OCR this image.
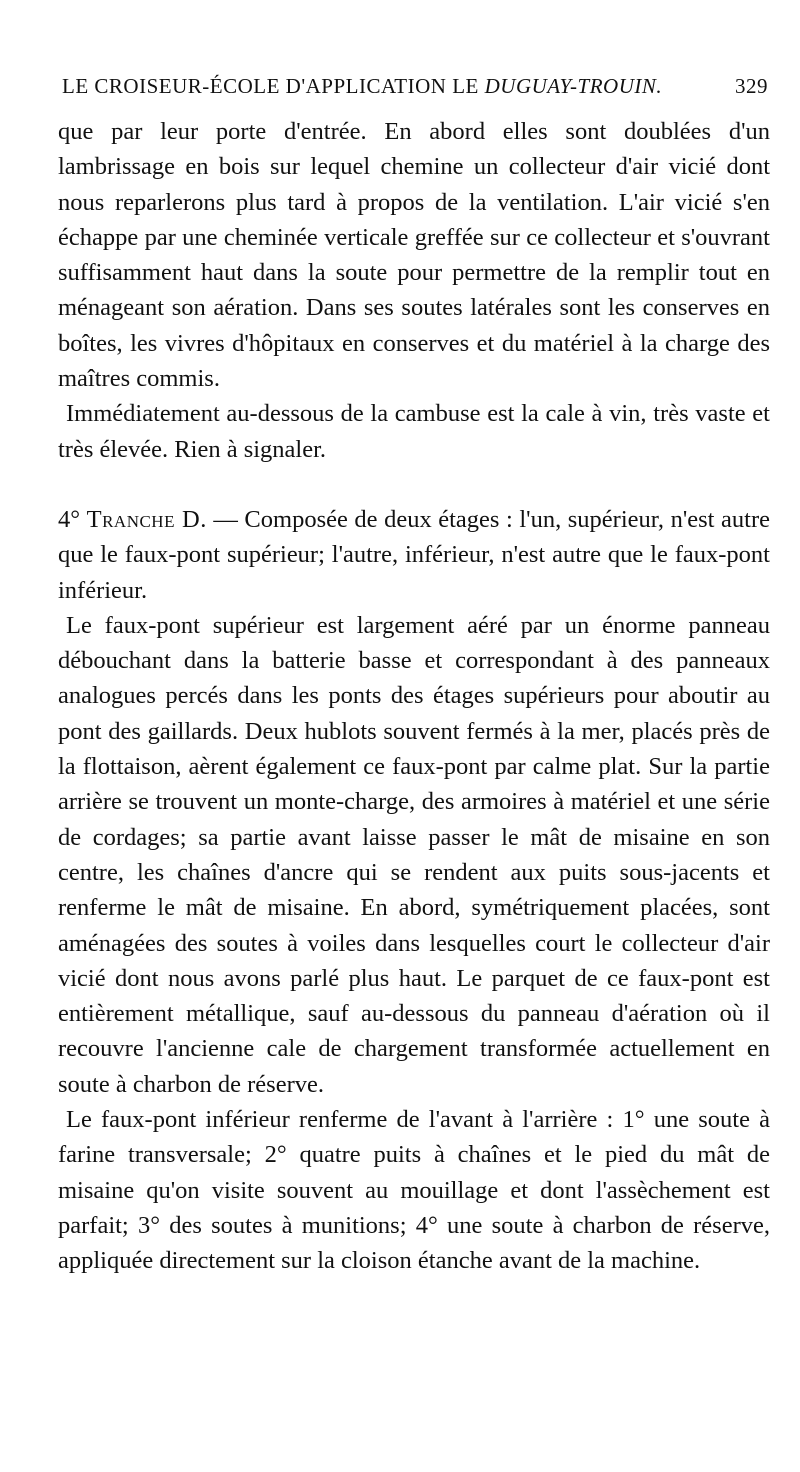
LE CROISEUR-ÉCOLE D'APPLICATION LE DUGUAY-TROUIN.	329

que par leur porte d'entrée. En abord elles sont doublées d'un lambrissage en bois sur lequel chemine un collecteur d'air vicié dont nous reparlerons plus tard à propos de la ventilation. L'air vicié s'en échappe par une cheminée verticale greffée sur ce collecteur et s'ouvrant suffisamment haut dans la soute pour permettre de la remplir tout en ménageant son aération. Dans ses soutes latérales sont les conserves en boîtes, les vivres d'hôpitaux en conserves et du matériel à la charge des maîtres commis.

Immédiatement au-dessous de la cambuse est la cale à vin, très vaste et très élevée. Rien à signaler.

4° Tranche D. — Composée de deux étages : l'un, supérieur, n'est autre que le faux-pont supérieur; l'autre, inférieur, n'est autre que le faux-pont inférieur.

Le faux-pont supérieur est largement aéré par un énorme panneau débouchant dans la batterie basse et correspondant à des panneaux analogues percés dans les ponts des étages supérieurs pour aboutir au pont des gaillards. Deux hublots souvent fermés à la mer, placés près de la flottaison, aèrent également ce faux-pont par calme plat. Sur la partie arrière se trouvent un monte-charge, des armoires à matériel et une série de cordages; sa partie avant laisse passer le mât de misaine en son centre, les chaînes d'ancre qui se rendent aux puits sous-jacents et renferme le mât de misaine. En abord, symétriquement placées, sont aménagées des soutes à voiles dans lesquelles court le collecteur d'air vicié dont nous avons parlé plus haut. Le parquet de ce faux-pont est entièrement métallique, sauf au-dessous du panneau d'aération où il recouvre l'ancienne cale de chargement transformée actuellement en soute à charbon de réserve.

Le faux-pont inférieur renferme de l'avant à l'arrière : 1° une soute à farine transversale; 2° quatre puits à chaînes et le pied du mât de misaine qu'on visite souvent au mouillage et dont l'assèchement est parfait; 3° des soutes à munitions; 4° une soute à charbon de réserve, appliquée directement sur la cloison étanche avant de la machine.
